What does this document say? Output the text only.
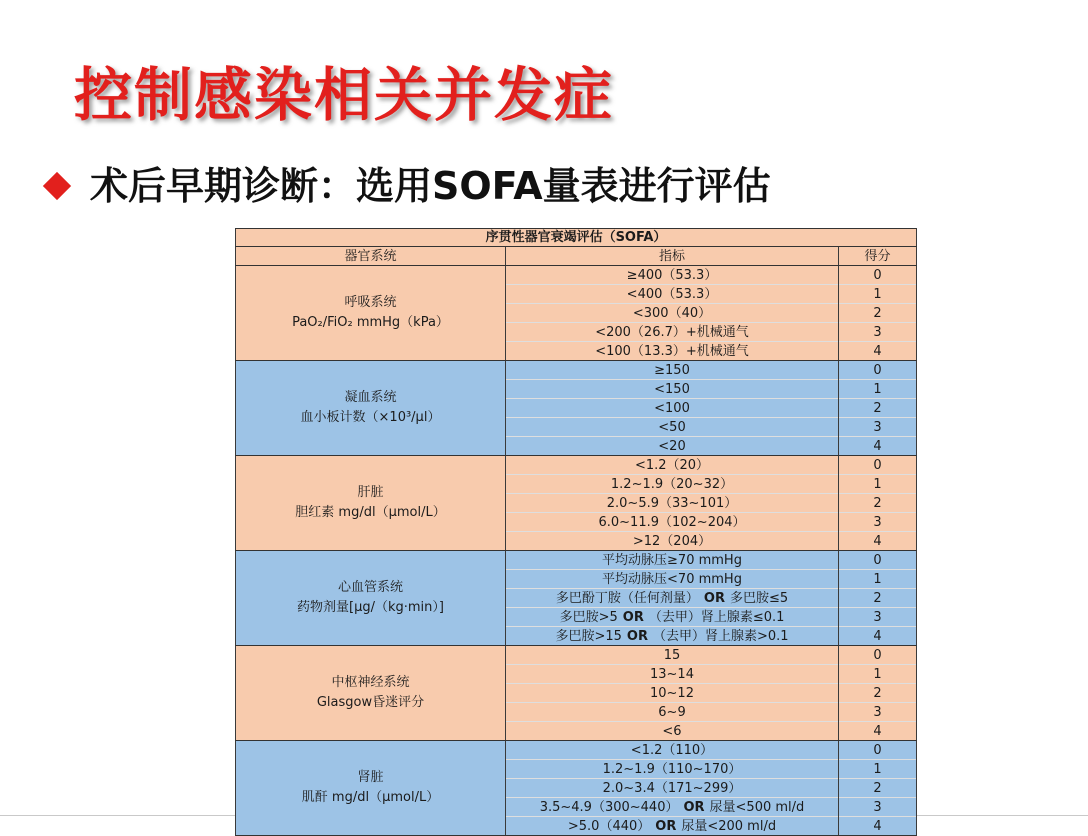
控制感染相关并发症
术后早期诊断：选用SOFA量表进行评估
序贯性器官衰竭评估（SOFA）		
器官系统	指标	得分

呼吸系统
PaO₂/FiO₂ mmHg（kPa）	≥400（53.3）	0
	<400（53.3）	1
	<300（40）	2
	<200（26.7）+机械通气	3
	<100（13.3）+机械通气	4

凝血系统
血小板计数（×10³/μl）	≥150	0
	<150	1
	<100	2
	<50	3
	<20	4

肝脏
胆红素 mg/dl（μmol/L）	<1.2（20）	0
	1.2~1.9（20~32）	1
	2.0~5.9（33~101）	2
	6.0~11.9（102~204）	3
	>12（204）	4

心血管系统
药物剂量[μg/（kg·min）]	平均动脉压≥70 mmHg	0
	平均动脉压<70 mmHg	1
	多巴酚丁胺（任何剂量） OR 多巴胺≤5	2
	多巴胺>5 OR （去甲）肾上腺素≤0.1	3
	多巴胺>15 OR （去甲）肾上腺素>0.1	4

中枢神经系统
Glasgow昏迷评分	15	0
	13~14	1
	10~12	2
	6~9	3
	<6	4

肾脏
肌酐 mg/dl（μmol/L）	<1.2（110）	0
	1.2~1.9（110~170）	1
	2.0~3.4（171~299）	2
	3.5~4.9（300~440） OR 尿量<500 ml/d	3
	>5.0（440） OR 尿量<200 ml/d	4
